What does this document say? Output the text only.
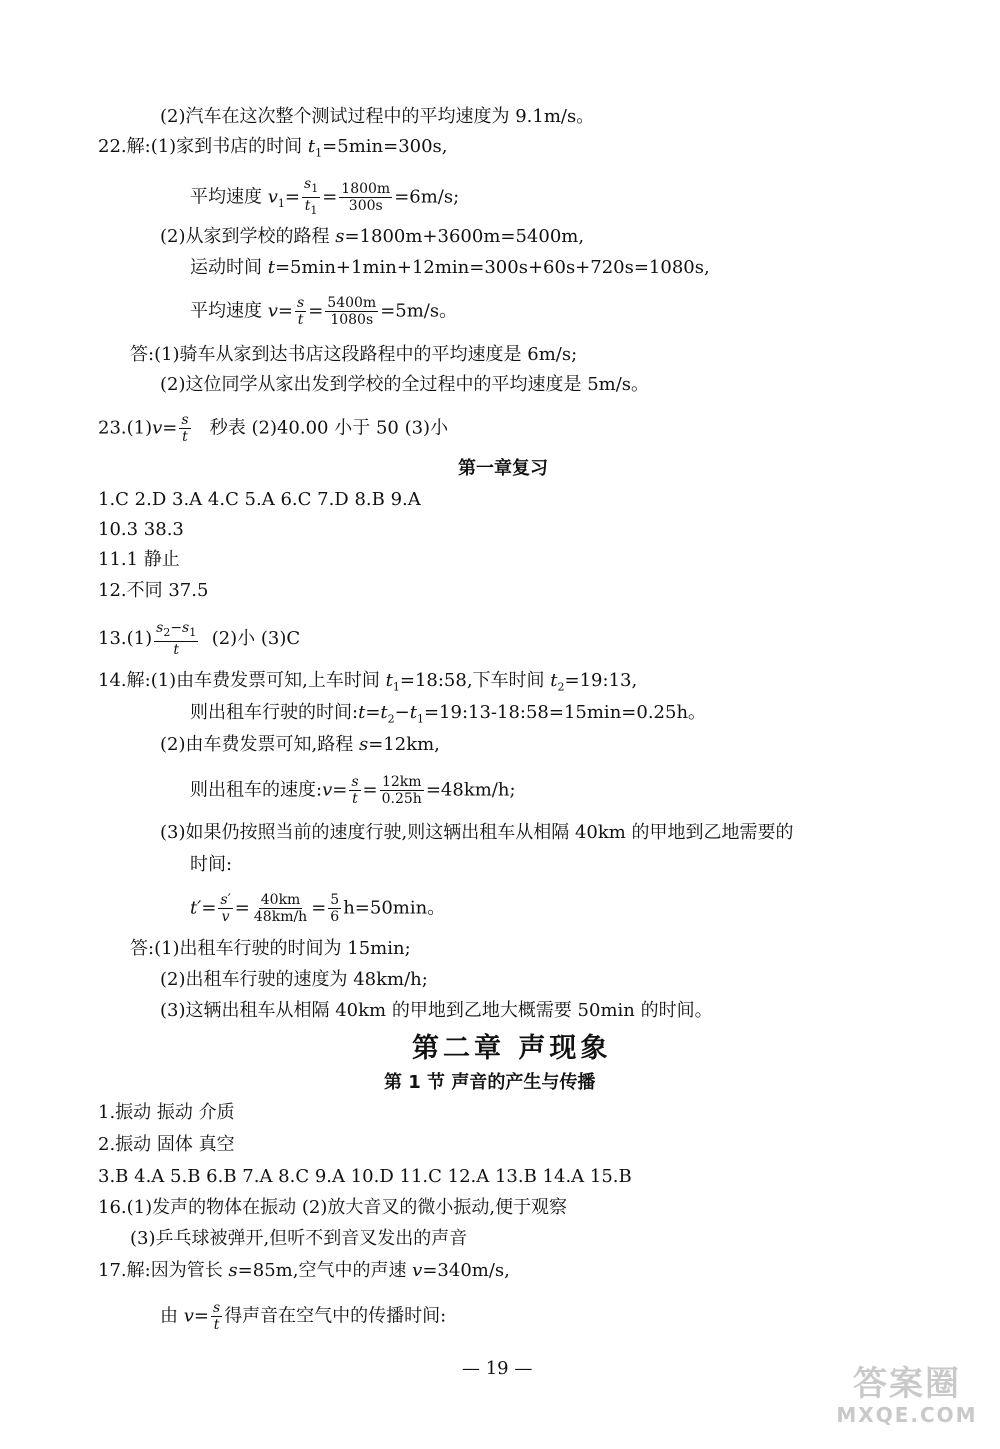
(2)汽车在这次整个测试过程中的平均速度为 9.1m/s。
22.解:(1)家到书店的时间 $t_1=5\min=300s$,
平均速度 $v_1= \frac{s_1}{t_1} = \frac{1800m}{300s} =6m/s$;
(2)从家到学校的路程 s=1800m+3600m=5400m,
运动时间 t=5min+1min+12min=300s+60s+720s=1080s,
平均速度 $v= \frac{s}{t} = \frac{5400m}{1080s} =5m/s$。
答:(1)骑车从家到达书店这段路程中的平均速度是 6m/s;
(2)这位同学从家出发到学校的全过程中的平均速度是 5m/s。
$23.(1)v= \frac{s}{t}$ 秒表 (2)40.00 小于 50 (3)小
第一章复习
1.C 2.D 3.A 4.C 5.A 6.C 7.D 8.B 9.A
10.3 38.3
11.1 静止
12.不同 37.5
$13.(1) \frac{s_2-s_1}{t} (2)$小 (3)C
14.解:(1)由车费发票可知,上车时间 $t_1=18:58$,下车时间 $t_2=19:13$,
则出租车行驶的时间$:t=t_2-t_1=19:13-18:58=15\min=0.25h$。
(2)由车费发票可知,路程 s=12km,
则出租车的速度:v= $\frac{s}{t} = \frac{12km}{0.25h} =48km/h$;
(3)如果仍按照当前的速度行驶,则这辆出租车从相隔 40km 的甲地到乙地需要的
时间:
$t'= \frac{s'}{v} = \frac{40km}{48km/h} = \frac{5}{6} h=50\min$。
答:(1)出租车行驶的时间为 15min;
(2)出租车行驶的速度为 48km/h;
(3)这辆出租车从相隔 40km 的甲地到乙地大概需要 50min 的时间。
第二章 声现象
第 1 节 声音的产生与传播
1.振动 振动 介质
2.振动 固体 真空
3.B 4.A 5.B 6.B 7.A 8.C 9.A 10.D 11.C 12.A 13.B 14.A 15.B
16.(1)发声的物体在振动 (2)放大音叉的微小振动,便于观察
(3)乒乓球被弹开,但听不到音叉发出的声音
17.解:因为管长 s=85m,空气中的声速 v=340m/s,
由 $v= \frac{s}{t}$ 得声音在空气中的传播时间:
— 19 —	答案圈
MXQE.COM
